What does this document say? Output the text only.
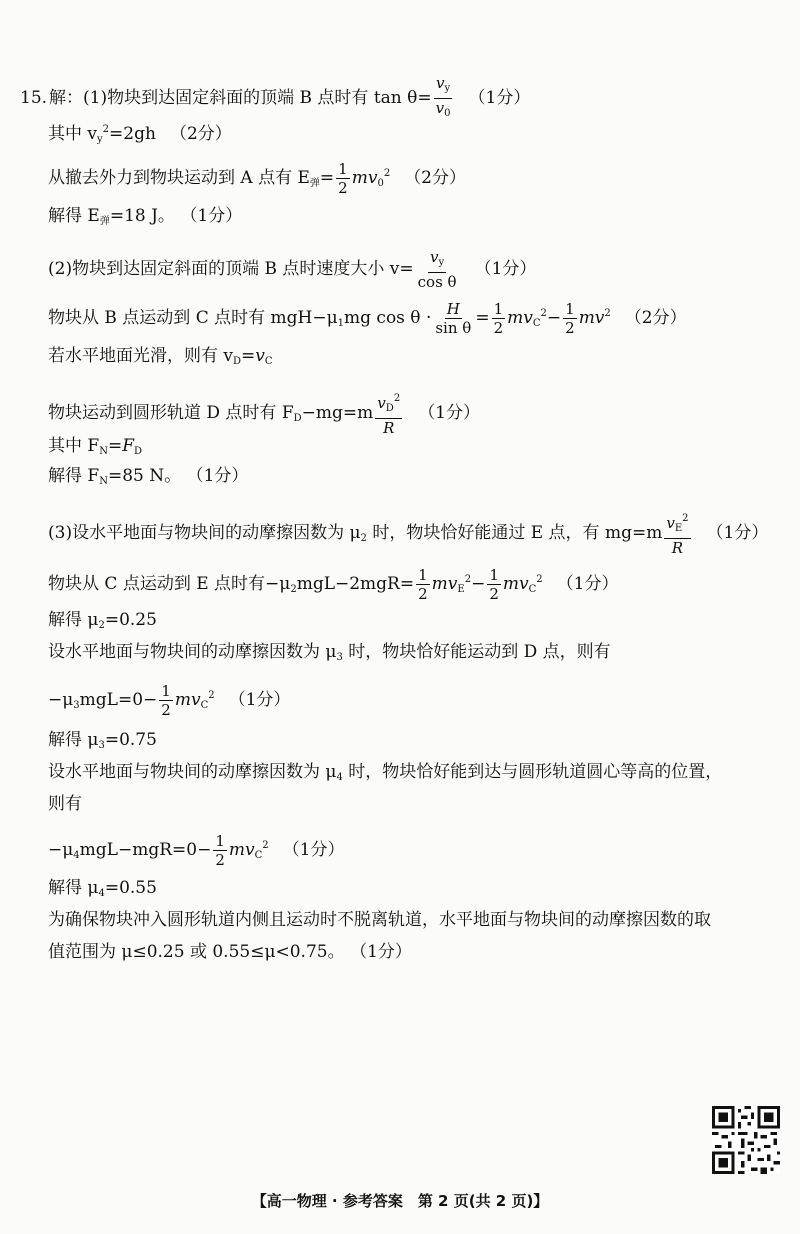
15. 解：(1)物块到达固定斜面的顶端 B 点时有 $\tan \theta= \frac{v_y}{v_0} (1$分）
其中 $v_y^2=2gh$ （2分）
从撤去外力到物块运动到 A 点有 $E_弹= \frac{1}{2} mv_0^2$ （2分）
解得 $E_弹=18$ J。 （1分）
(2)物块到达固定斜面的顶端 B 点时速度大小 $v= \frac{v_y}{\text{cos θ}} (1$分）
物块从 B 点运动到 C 点时有 $mgH-\mu_1mg$ $\cos \theta \cdot \frac{H}{\text{sin θ}} = \frac{1}{2} mv_C^2- \frac{1}{2} mv^2$ （2分）
若水平地面光滑，则有 $v_D=v_C$
物块运动到圆形轨道 D 点时有 $F_D-mg=m \frac{v_D^2}{R} (1$分）
其中 $F_N=F_D$
解得 $F_N=85$ N。 （1分）
(3)设水平地面与物块间的动摩擦因数为 $\mu_2$ 时，物块恰好能通过 E 点，有 $mg=m \frac{v_E^2}{R} (1$分）
物块从 C 点运动到 E 点时有$-\mu_2mgL-2mgR= \frac{1}{2} mv_E^2- \frac{1}{2} mv_C^2$ （1分）
解得 $\mu_2=0.25$
设水平地面与物块间的动摩擦因数为 $\mu_3$ 时，物块恰好能运动到 D 点，则有
$-\mu_3mgL=0- \frac{1}{2} mv_C^2$ （1分）
解得 $\mu_3=0.75$
设水平地面与物块间的动摩擦因数为 $\mu_4$ 时，物块恰好能到达与圆形轨道圆心等高的位置，
则有
$-\mu_4mgL-mgR=0- \frac{1}{2} mv_C^2$ （1分）
解得 $\mu_4=0.55$
为确保物块冲入圆形轨道内侧且运动时不脱离轨道，水平地面与物块间的动摩擦因数的取
值范围为 μ≤0.25 或 0.55≤μ<0.75。 （1分）
【高一物理 · 参考答案　第 2 页(共 2 页)】
